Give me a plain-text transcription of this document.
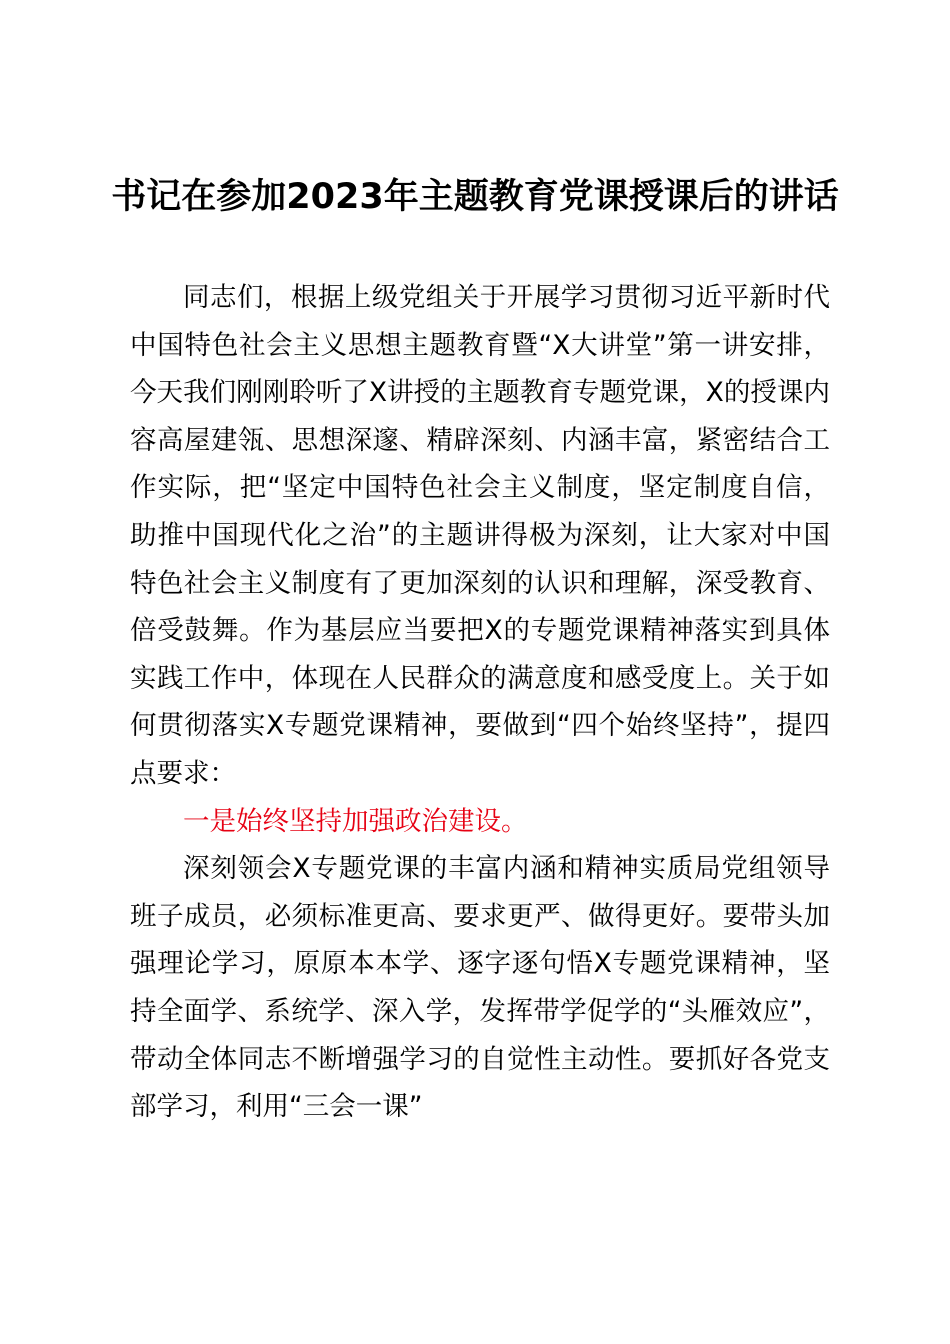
书记在参加2023年主题教育党课授课后的讲话

同志们，根据上级党组关于开展学习贯彻习近平新时代中国特色社会主义思想主题教育暨“X大讲堂”第一讲安排，今天我们刚刚聆听了X讲授的主题教育专题党课，X的授课内容高屋建瓴、思想深邃、精辟深刻、内涵丰富，紧密结合工作实际，把“坚定中国特色社会主义制度，坚定制度自信，助推中国现代化之治”的主题讲得极为深刻，让大家对中国特色社会主义制度有了更加深刻的认识和理解，深受教育、倍受鼓舞。作为基层应当要把X的专题党课精神落实到具体实践工作中，体现在人民群众的满意度和感受度上。关于如何贯彻落实X专题党课精神，要做到“四个始终坚持”，提四点要求：

一是始终坚持加强政治建设。

深刻领会X专题党课的丰富内涵和精神实质局党组领导班子成员，必须标准更高、要求更严、做得更好。要带头加强理论学习，原原本本学、逐字逐句悟X专题党课精神，坚持全面学、系统学、深入学，发挥带学促学的“头雁效应”，带动全体同志不断增强学习的自觉性主动性。要抓好各党支部学习，利用“三会一课”
